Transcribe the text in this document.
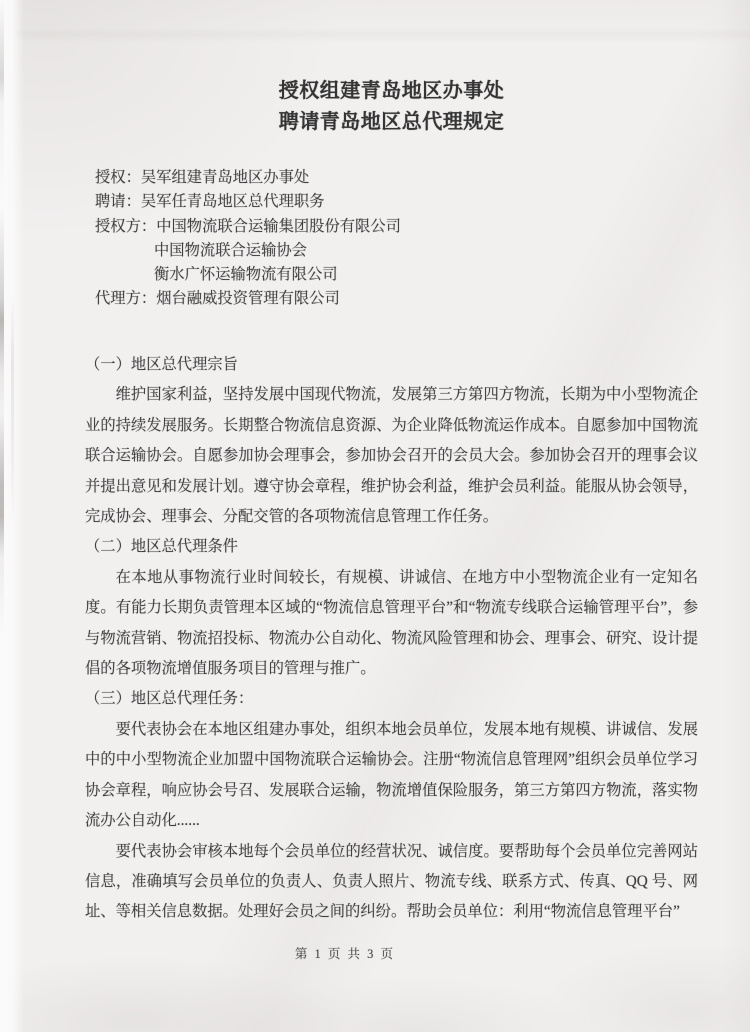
授权组建青岛地区办事处
聘请青岛地区总代理规定

授权：吴军组建青岛地区办事处

聘请：吴军任青岛地区总代理职务

授权方：中国物流联合运输集团股份有限公司

中国物流联合运输协会

衡水广怀运输物流有限公司

代理方：烟台融威投资管理有限公司

（一）地区总代理宗旨

维护国家利益，坚持发展中国现代物流，发展第三方第四方物流，长期为中小型物流企业的持续发展服务。长期整合物流信息资源、为企业降低物流运作成本。自愿参加中国物流联合运输协会。自愿参加协会理事会，参加协会召开的会员大会。参加协会召开的理事会议并提出意见和发展计划。遵守协会章程，维护协会利益，维护会员利益。能服从协会领导，完成协会、理事会、分配交管的各项物流信息管理工作任务。

（二）地区总代理条件

在本地从事物流行业时间较长，有规模、讲诚信、在地方中小型物流企业有一定知名度。有能力长期负责管理本区域的“物流信息管理平台”和“物流专线联合运输管理平台”，参与物流营销、物流招投标、物流办公自动化、物流风险管理和协会、理事会、研究、设计提倡的各项物流增值服务项目的管理与推广。

（三）地区总代理任务：

要代表协会在本地区组建办事处，组织本地会员单位，发展本地有规模、讲诚信、发展中的中小型物流企业加盟中国物流联合运输协会。注册“物流信息管理网”组织会员单位学习协会章程，响应协会号召、发展联合运输，物流增值保险服务，第三方第四方物流，落实物流办公自动化......

要代表协会审核本地每个会员单位的经营状况、诚信度。要帮助每个会员单位完善网站信息，准确填写会员单位的负责人、负责人照片、物流专线、联系方式、传真、QQ 号、网址、等相关信息数据。处理好会员之间的纠纷。帮助会员单位：利用“物流信息管理平台”

第 1 页 共 3 页
